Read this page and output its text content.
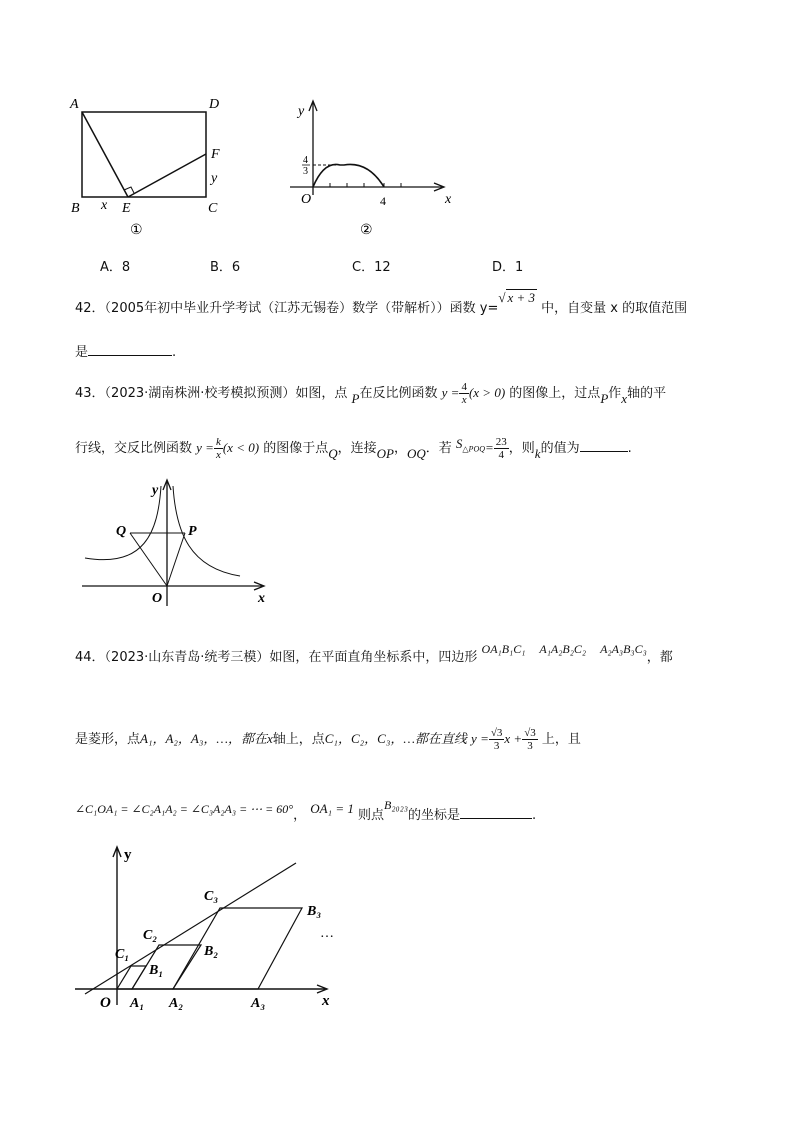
A	D
F
y
B x E	C
①
y
4
3
O	4	x
②
A．8	B．6	C．12	D．1
42．（2005年初中毕业升学考试（江苏无锡卷）数学（带解析））函数 y=√ x + 3 中，自变量 x 的取值范围
是	.
43．（2023·湖南株洲·校考模拟预测）如图，点 P在反比例函数 $y = \frac{4}{x} (x > 0)$ 的图像上，过点P作x轴的平
行线，交反比例函数 $y = \frac{k}{x} (x < 0)$ 的图像于点Q，连接OP，OQ．若 $S_{\triangle POQ}= \frac{23}{4}$ ，则k的值为	.
Q	P
y
O	x
44．（2023·山东青岛·统考三模）如图，在平面直角坐标系中，四边形 OA₁B₁C₁ A₁A₂B₂C₂ A₂A₃B₃C₃，都
是菱形，点A₁，A₂，A₃，…，都在x轴上，点C₁，C₂，C₃，…都在直线 $y = \frac{√3}{3}$ $x + \frac{√3}{3}$ 上，且
∠C₁OA₁ = ∠C₂A₁A₂ = ∠C₃A₂A₃ = ⋯ = 60°， OA₁ = 1 则点B₂₀₂₃的坐标是	.
y
x
O A₁ A₂	A₃
C₁
C₂
C₃
B₁
B₂
B₃
…
